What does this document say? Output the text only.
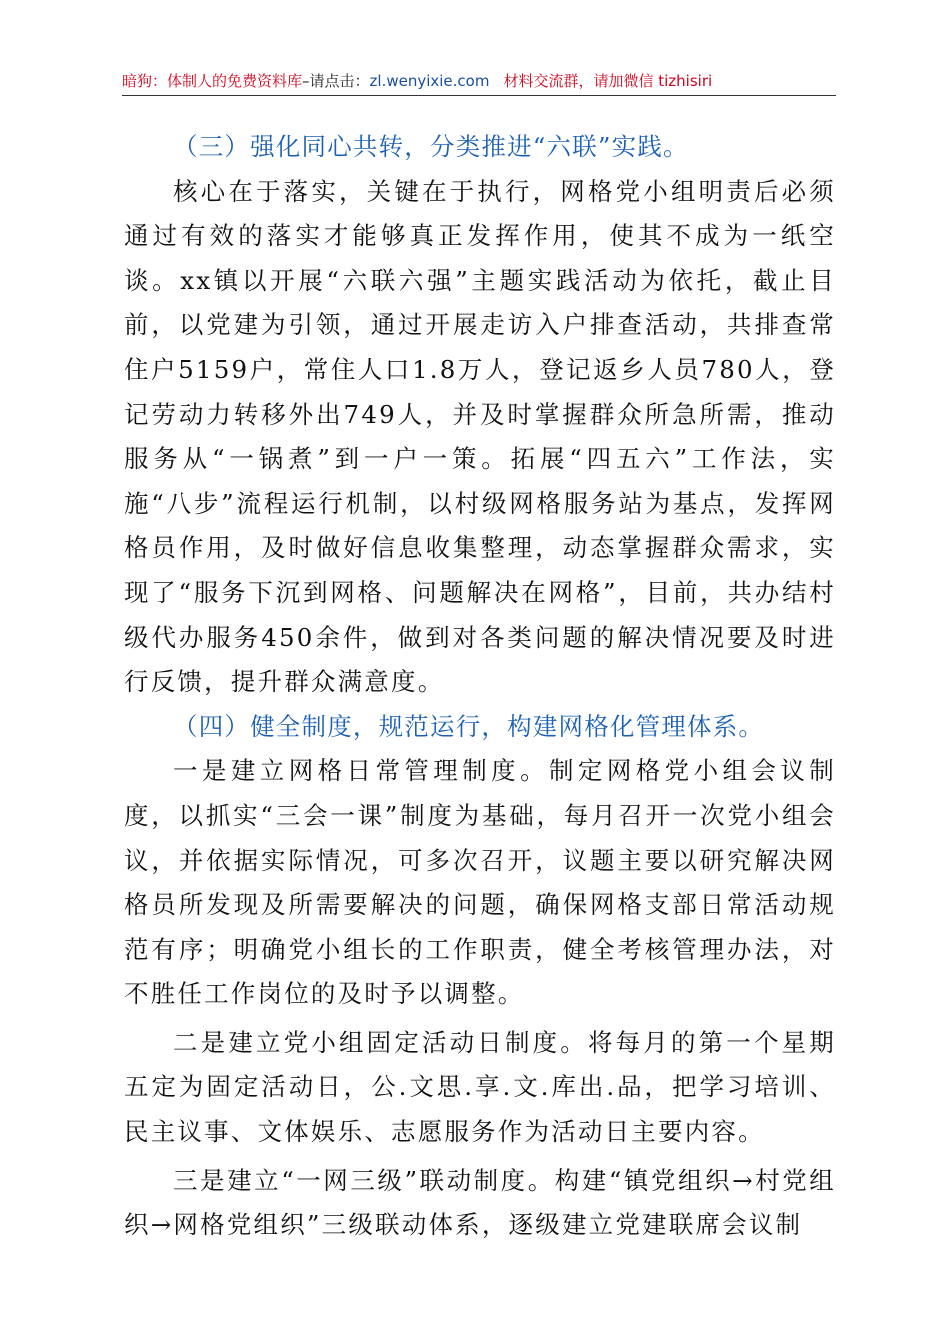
暗狗：体制人的免费资料库–请点击：zl.wenyixie.com 材料交流群，请加微信 tizhisiri

（三）强化同心共转，分类推进“六联”实践。

核心在于落实，关键在于执行，网格党小组明责后必须通过有效的落实才能够真正发挥作用，使其不成为一纸空谈。xx镇以开展“六联六强”主题实践活动为依托，截止目前，以党建为引领，通过开展走访入户排查活动，共排查常住户5159户，常住人口1.8万人，登记返乡人员780人，登记劳动力转移外出749人，并及时掌握群众所急所需，推动服务从“一锅煮”到一户一策。拓展“四五六”工作法，实施“八步”流程运行机制，以村级网格服务站为基点，发挥网格员作用，及时做好信息收集整理，动态掌握群众需求，实现了“服务下沉到网格、问题解决在网格”，目前，共办结村级代办服务450余件，做到对各类问题的解决情况要及时进行反馈，提升群众满意度。

（四）健全制度，规范运行，构建网格化管理体系。

一是建立网格日常管理制度。制定网格党小组会议制度，以抓实“三会一课”制度为基础，每月召开一次党小组会议，并依据实际情况，可多次召开，议题主要以研究解决网格员所发现及所需要解决的问题，确保网格支部日常活动规范有序；明确党小组长的工作职责，健全考核管理办法，对不胜任工作岗位的及时予以调整。

二是建立党小组固定活动日制度。将每月的第一个星期五定为固定活动日，公.文思.享.文.库出.品，把学习培训、民主议事、文体娱乐、志愿服务作为活动日主要内容。

三是建立“一网三级”联动制度。构建“镇党组织→村党组织→网格党组织”三级联动体系，逐级建立党建联席会议制
